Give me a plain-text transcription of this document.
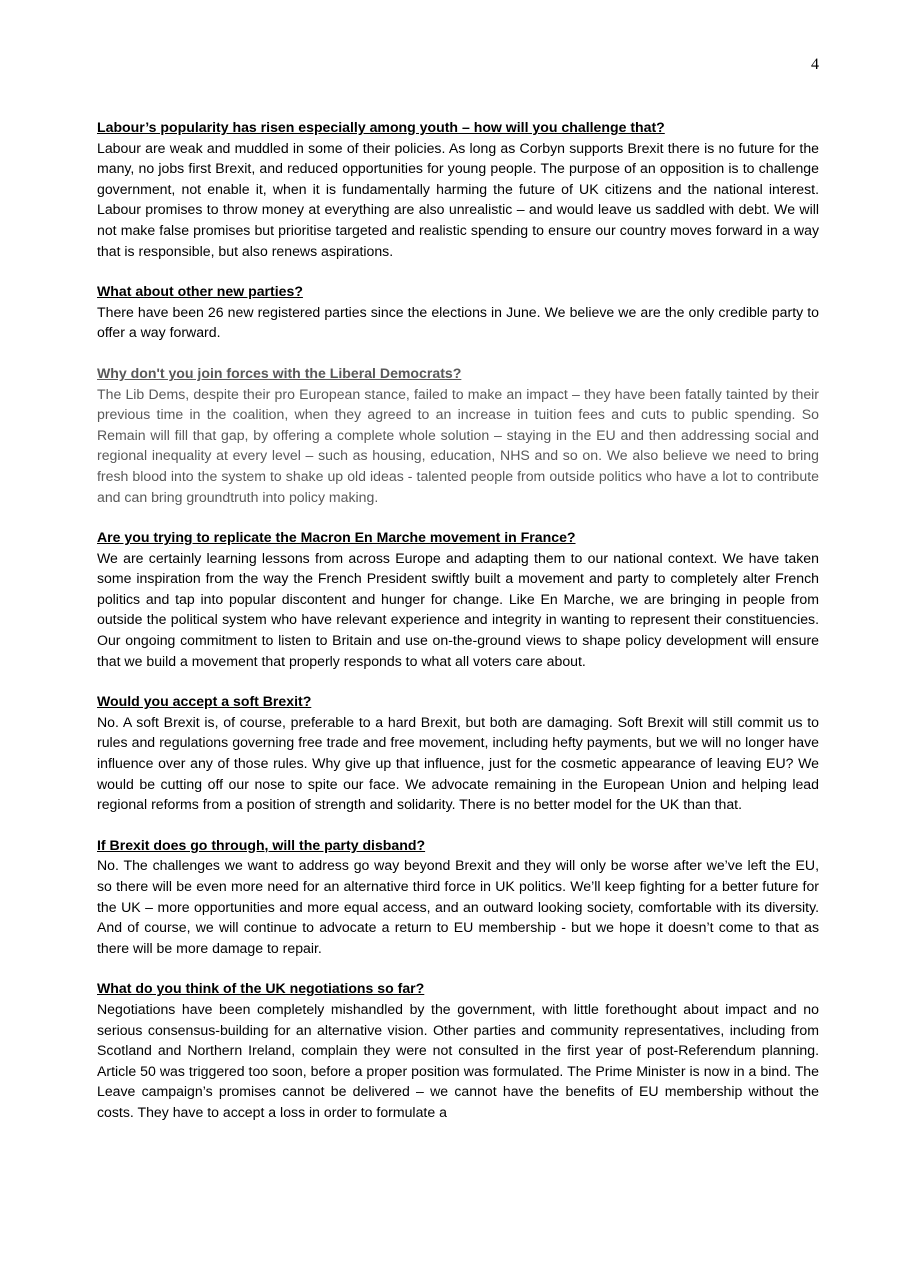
4

Labour’s popularity has risen especially among youth – how will you challenge that?

Labour are weak and muddled in some of their policies. As long as Corbyn supports Brexit there is no future for the many, no jobs first Brexit, and reduced opportunities for young people. The purpose of an opposition is to challenge government, not enable it, when it is fundamentally harming the future of UK citizens and the national interest. Labour promises to throw money at everything are also unrealistic – and would leave us saddled with debt. We will not make false promises but prioritise targeted and realistic spending to ensure our country moves forward in a way that is responsible, but also renews aspirations.

What about other new parties?

There have been 26 new registered parties since the elections in June. We believe we are the only credible party to offer a way forward.

Why don't you join forces with the Liberal Democrats?

The Lib Dems, despite their pro European stance, failed to make an impact – they have been fatally tainted by their previous time in the coalition, when they agreed to an increase in tuition fees and cuts to public spending. So Remain will fill that gap, by offering a complete whole solution – staying in the EU and then addressing social and regional inequality at every level – such as housing, education, NHS and so on. We also believe we need to bring fresh blood into the system to shake up old ideas - talented people from outside politics who have a lot to contribute and can bring groundtruth into policy making.

Are you trying to replicate the Macron En Marche movement in France?

We are certainly learning lessons from across Europe and adapting them to our national context. We have taken some inspiration from the way the French President swiftly built a movement and party to completely alter French politics and tap into popular discontent and hunger for change. Like En Marche, we are bringing in people from outside the political system who have relevant experience and integrity in wanting to represent their constituencies. Our ongoing commitment to listen to Britain and use on-the-ground views to shape policy development will ensure that we build a movement that properly responds to what all voters care about.

Would you accept a soft Brexit?

No. A soft Brexit is, of course, preferable to a hard Brexit, but both are damaging. Soft Brexit will still commit us to rules and regulations governing free trade and free movement, including hefty payments, but we will no longer have influence over any of those rules. Why give up that influence, just for the cosmetic appearance of leaving EU? We would be cutting off our nose to spite our face. We advocate remaining in the European Union and helping lead regional reforms from a position of strength and solidarity. There is no better model for the UK than that.

If Brexit does go through, will the party disband?

No. The challenges we want to address go way beyond Brexit and they will only be worse after we’ve left the EU, so there will be even more need for an alternative third force in UK politics. We’ll keep fighting for a better future for the UK – more opportunities and more equal access, and an outward looking society, comfortable with its diversity. And of course, we will continue to advocate a return to EU membership - but we hope it doesn’t come to that as there will be more damage to repair.

What do you think of the UK negotiations so far?

Negotiations have been completely mishandled by the government, with little forethought about impact and no serious consensus-building for an alternative vision. Other parties and community representatives, including from Scotland and Northern Ireland, complain they were not consulted in the first year of post-Referendum planning. Article 50 was triggered too soon, before a proper position was formulated. The Prime Minister is now in a bind. The Leave campaign’s promises cannot be delivered – we cannot have the benefits of EU membership without the costs. They have to accept a loss in order to formulate a
